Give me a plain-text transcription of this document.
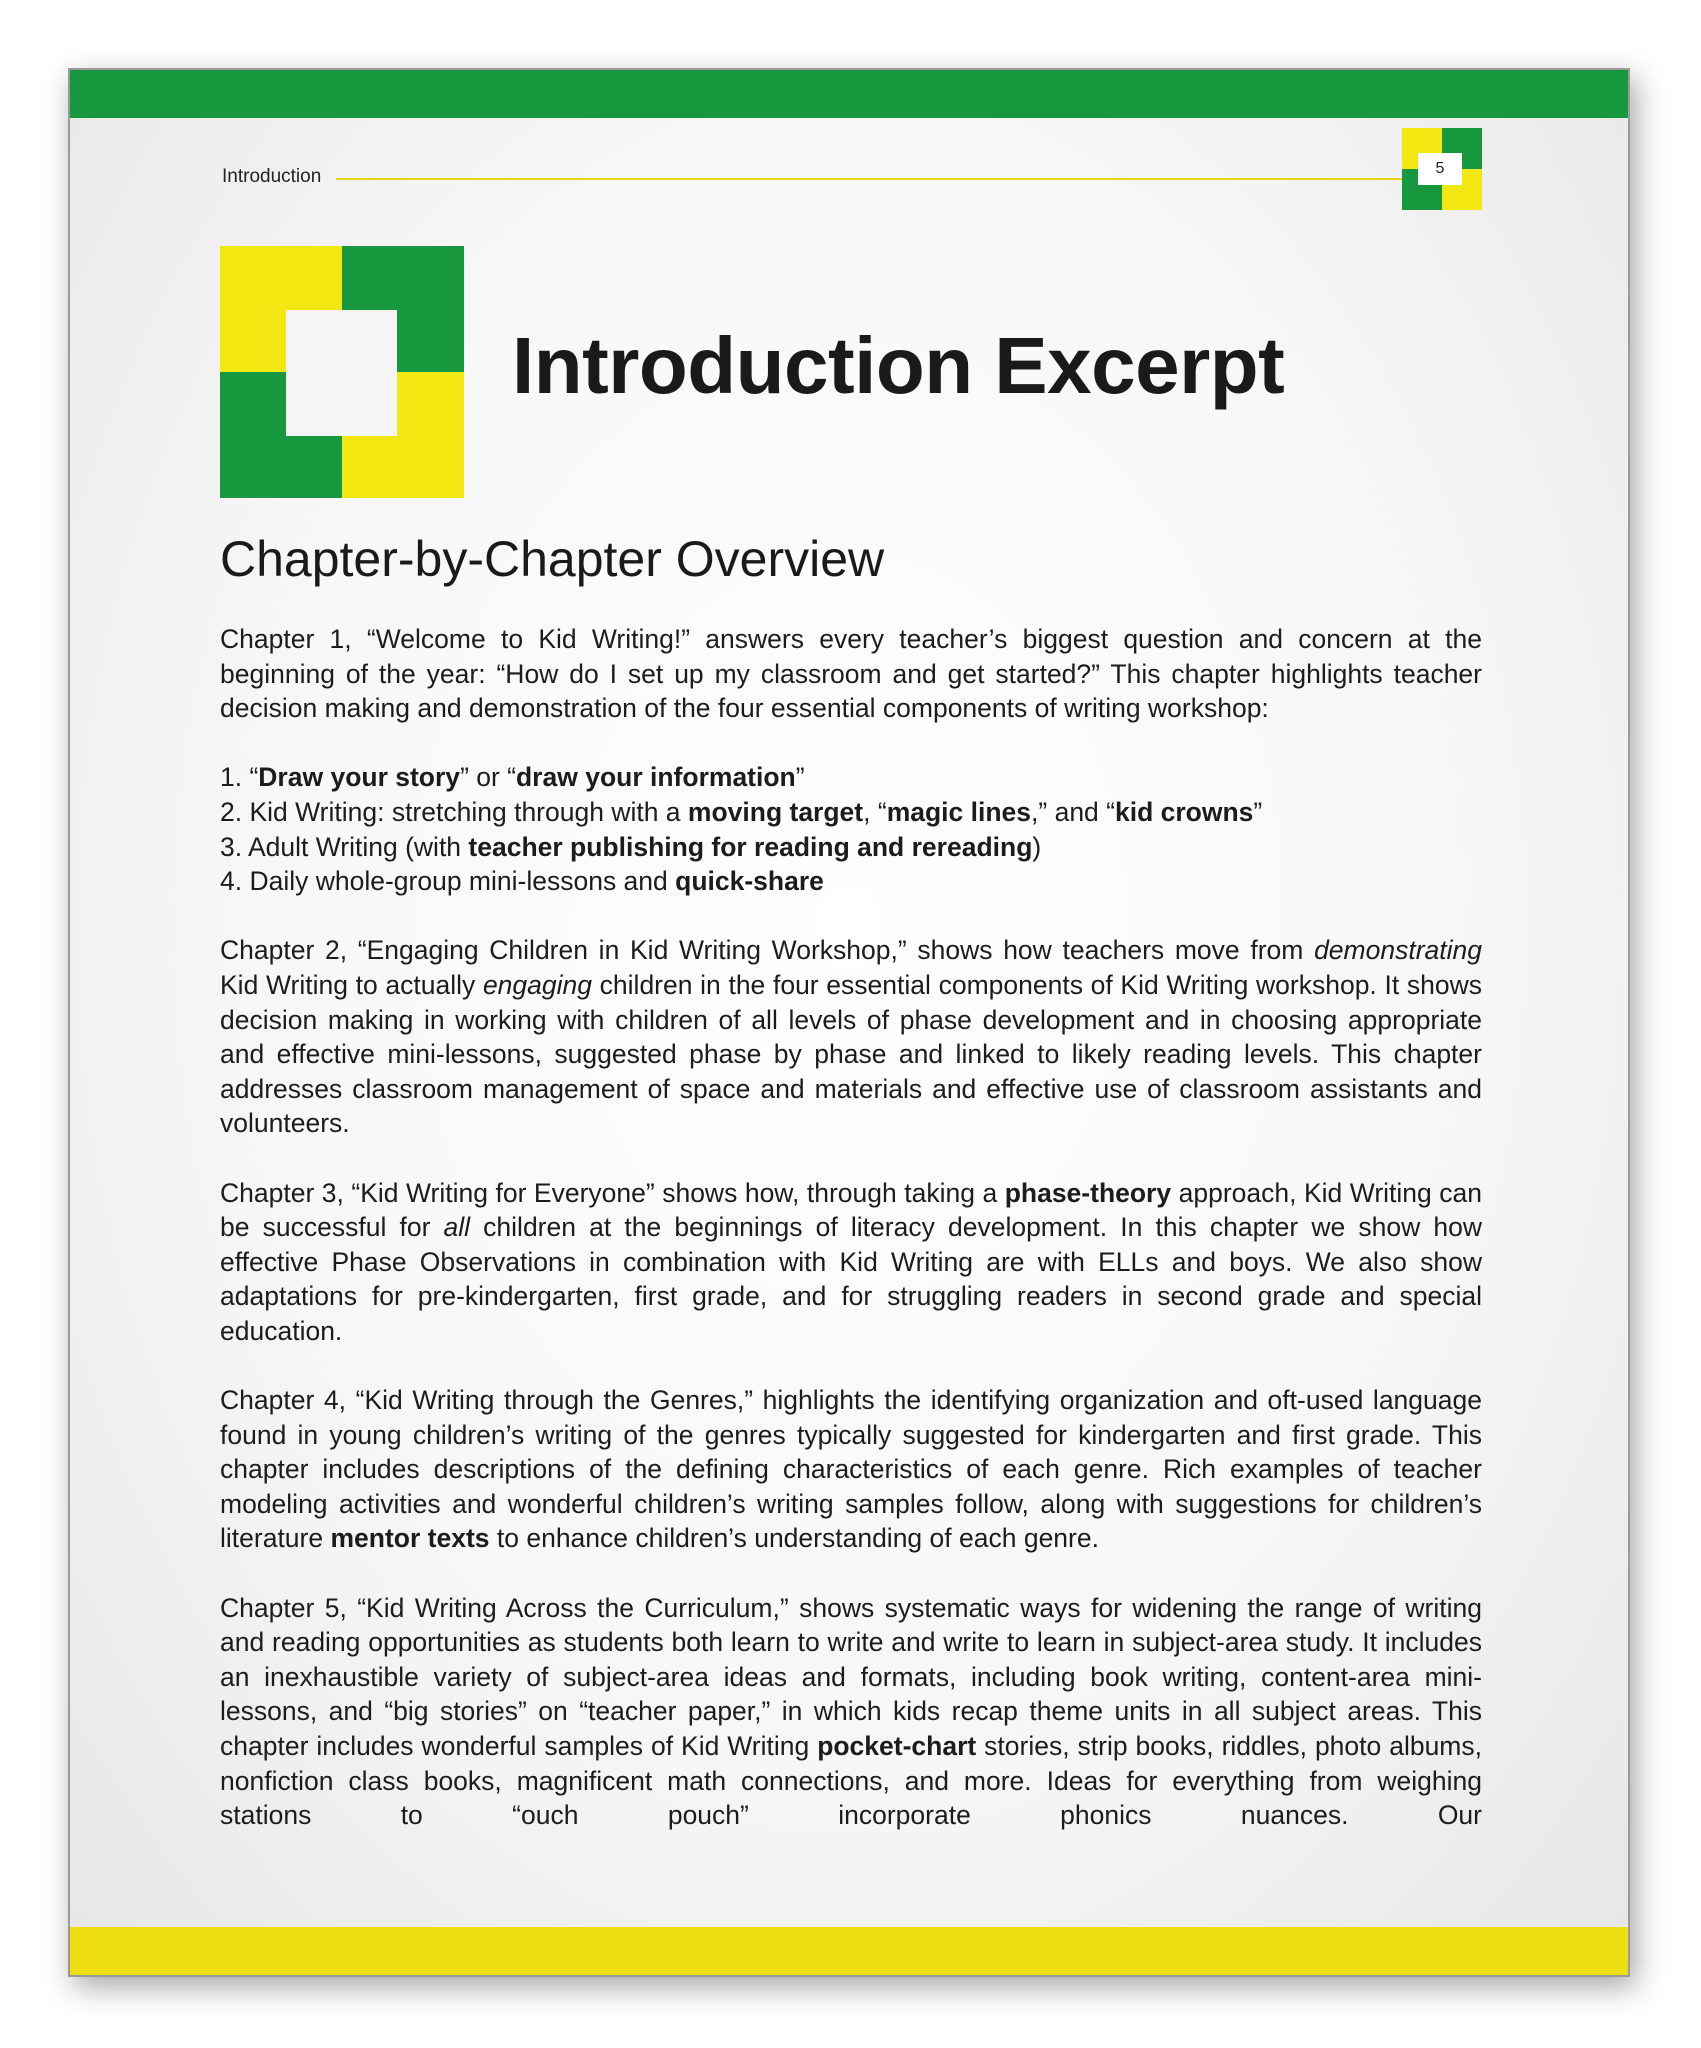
Introduction	5
Introduction Excerpt
Chapter-by-Chapter Overview

Chapter 1, “Welcome to Kid Writing!” answers every teacher’s biggest question and concern at the beginning of the year: “How do I set up my classroom and get started?” This chapter highlights teacher decision making and demonstration of the four essential components of writing workshop:

1. “Draw your story” or “draw your information”
2. Kid Writing: stretching through with a moving target, “magic lines,” and “kid crowns”
3. Adult Writing (with teacher publishing for reading and rereading)
4. Daily whole-group mini-lessons and quick-share

Chapter 2, “Engaging Children in Kid Writing Workshop,” shows how teachers move from demonstrating Kid Writing to actually engaging children in the four essential components of Kid Writing workshop. It shows decision making in working with children of all levels of phase development and in choosing appropriate and effective mini-lessons, suggested phase by phase and linked to likely reading levels. This chapter addresses classroom management of space and materials and effective use of classroom assistants and volunteers.

Chapter 3, “Kid Writing for Everyone” shows how, through taking a phase-theory approach, Kid Writing can be successful for all children at the beginnings of literacy development. In this chapter we show how effective Phase Observations in combination with Kid Writing are with ELLs and boys. We also show adaptations for pre-kindergarten, first grade, and for struggling readers in second grade and special education.

Chapter 4, “Kid Writing through the Genres,” highlights the identifying organization and oft-used language found in young children’s writing of the genres typically suggested for kindergarten and first grade. This chapter includes descriptions of the defining characteristics of each genre. Rich examples of teacher modeling activities and wonderful children’s writing samples follow, along with suggestions for children’s literature mentor texts to enhance children’s understanding of each genre.

Chapter 5, “Kid Writing Across the Curriculum,” shows systematic ways for widening the range of writing and reading opportunities as students both learn to write and write to learn in subject-area study. It includes an inexhaustible variety of subject-area ideas and formats, including book writing, content-area mini-lessons, and “big stories” on “teacher paper,” in which kids recap theme units in all subject areas. This chapter includes wonderful samples of Kid Writing pocket-chart stories, strip books, riddles, photo albums, nonfiction class books, magnificent math connections, and more. Ideas for everything from weighing stations to “ouch pouch” incorporate phonics nuances. Our
